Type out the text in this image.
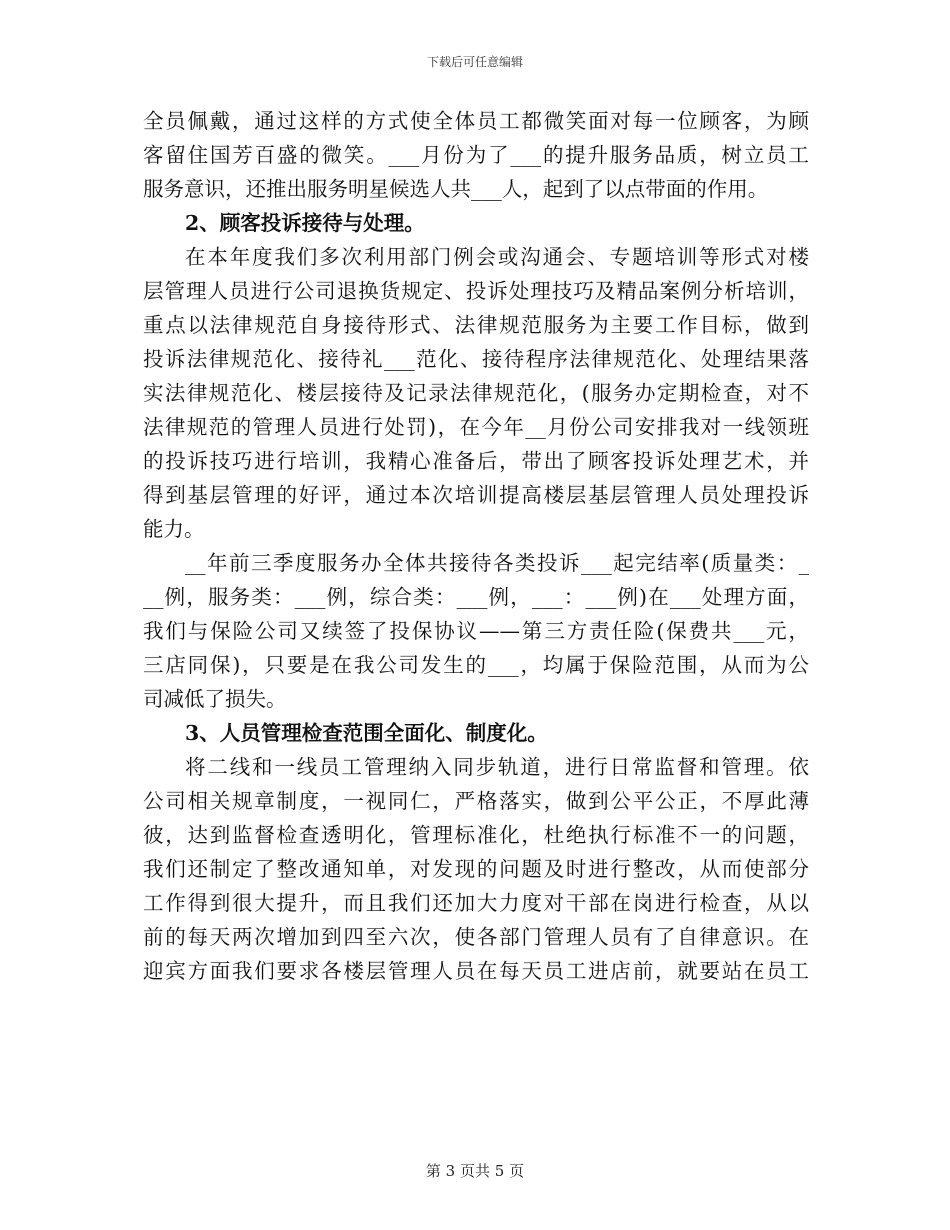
下载后可任意编辑
全员佩戴，通过这样的方式使全体员工都微笑面对每一位顾客，为顾
客留住国芳百盛的微笑。___月份为了___的提升服务品质，树立员工
服务意识，还推出服务明星候选人共___人，起到了以点带面的作用。
2、顾客投诉接待与处理。
在本年度我们多次利用部门例会或沟通会、专题培训等形式对楼
层管理人员进行公司退换货规定、投诉处理技巧及精品案例分析培训，
重点以法律规范自身接待形式、法律规范服务为主要工作目标，做到
投诉法律规范化、接待礼___范化、接待程序法律规范化、处理结果落
实法律规范化、楼层接待及记录法律规范化，(服务办定期检查，对不
法律规范的管理人员进行处罚)，在今年__月份公司安排我对一线领班
的投诉技巧进行培训，我精心准备后，带出了顾客投诉处理艺术，并
得到基层管理的好评，通过本次培训提高楼层基层管理人员处理投诉
能力。
__年前三季度服务办全体共接待各类投诉___起完结率(质量类：_
__例，服务类：___例，综合类：___例，___：___例)在___处理方面，
我们与保险公司又续签了投保协议——第三方责任险(保费共___元，
三店同保)，只要是在我公司发生的___，均属于保险范围，从而为公
司减低了损失。
3、人员管理检查范围全面化、制度化。
将二线和一线员工管理纳入同步轨道，进行日常监督和管理。依
公司相关规章制度，一视同仁，严格落实，做到公平公正，不厚此薄
彼，达到监督检查透明化，管理标准化，杜绝执行标准不一的问题，
我们还制定了整改通知单，对发现的问题及时进行整改，从而使部分
工作得到很大提升，而且我们还加大力度对干部在岗进行检查，从以
前的每天两次增加到四至六次，使各部门管理人员有了自律意识。在
迎宾方面我们要求各楼层管理人员在每天员工进店前，就要站在员工
第 3 页共 5 页
